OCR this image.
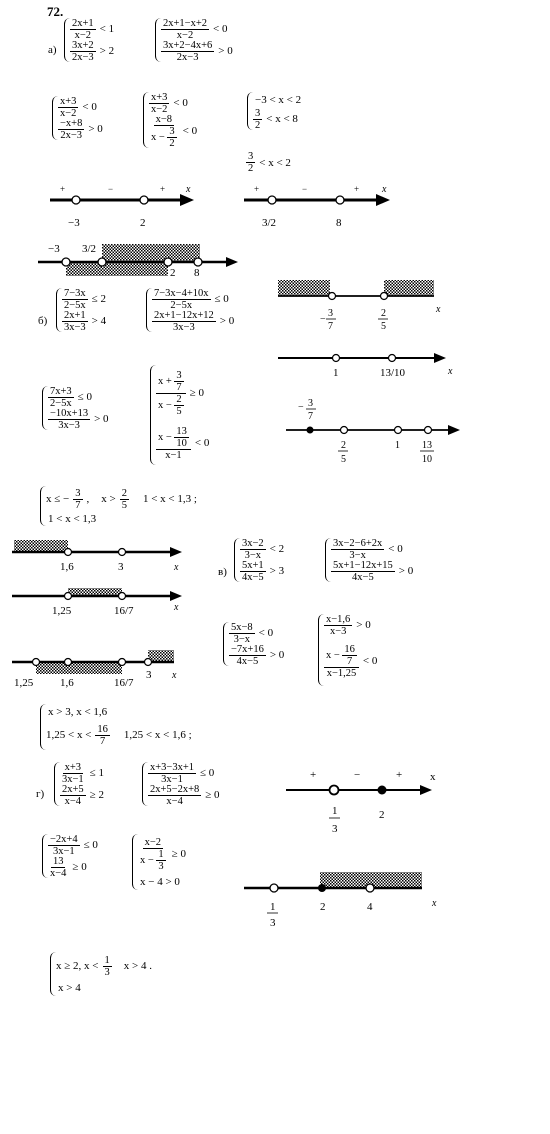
72.
а)
$\frac{2x+1}{x-2} < 1$
$\frac{3x+2}{2x-3} > 2$
$\frac{2x+1-x+2}{x-2} < 0$
$\frac{3x+2-4x+6}{2x-3} > 0$
$\frac{x+3}{x-2} < 0$
$\frac{-x+8}{2x-3} > 0$
$\frac{x+3}{x-2} < 0$
$\frac{x-8}{x - \frac{3}{2}} < 0$
−3 < x < 2
$\frac{3}{2} < x < 8$
$\frac{3}{2} < x < 2$
+	−	+ x
−3	2
+	−	+ x
3/2	8
−3 3/2
2 8
б)
$\frac{7-3x}{2-5x} \le 2$
$\frac{2x+1}{3x-3} > 4$
$\frac{7-3x-4+10x}{2-5x} \le 0$
$\frac{2x+1-12x+12}{3x-3} > 0$
$\frac{7x+3}{2-5x} \le 0$
$\frac{-10x+13}{3x-3} > 0$
$\frac{x + \frac{3}{7}}{x - \frac{2}{5}} \ge 0$
$\frac{x - \frac{13}{10}}{x-1} < 0$
x
−
3
7
2
5
x
1	13/10
− 3
7
2
5
1 13
10
x ≤ − $\frac{3}{7}$ , $x > \frac{2}{5} 1 < x < 1,3$ ;
1 < x < 1,3
1,6	3	x
1,25	16/7	x
1,25 1,6	16/7
3 x
в)
$\frac{3x-2}{3-x} < 2$
$\frac{5x+1}{4x-5} > 3$
$\frac{3x-2-6+2x}{3-x} < 0$
$\frac{5x+1-12x+15}{4x-5} > 0$
$\frac{5x-8}{3-x} < 0$
$\frac{-7x+16}{4x-5} > 0$
$\frac{x-1,6}{x-3} > 0$
$\frac{x - \frac{16}{7}}{x-1,25} < 0$
x > 3, x < 1,6
$1,25 < x < \frac{16}{7} 1,25 < x < 1,6$ ;
г)
$\frac{x+3}{3x-1} \le 1$
$\frac{2x+5}{x-4} \ge 2$
$\frac{x+3-3x+1}{3x-1} \le 0$
$\frac{2x+5-2x+8}{x-4} \ge 0$
$\frac{-2x+4}{3x-1} \le 0$
$\frac{13}{x-4} \ge 0$	$\frac{x-2}{x - \frac{1}{3}} \ge 0$
x − 4 > 0
+	−	+	x
1
3
2
x
1
3
2	4
x ≥ 2, $x < \frac{1}{3}$ x > 4 .
x > 4
